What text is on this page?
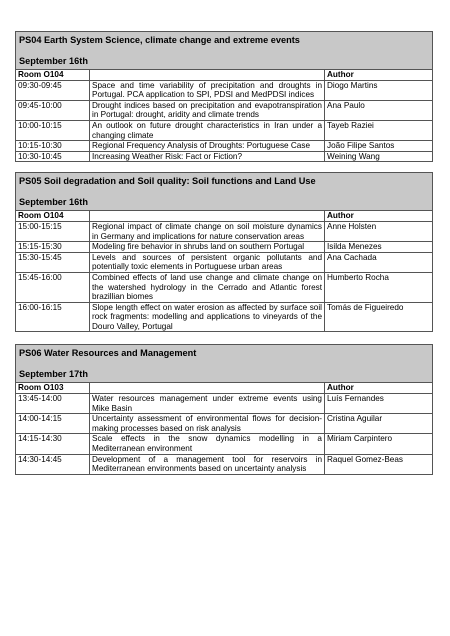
PS04 Earth System Science, climate change and extreme events
September 16th
Room O104		Author
09:30-09:45	Space and time variability of precipitation and droughts in Portugal. PCA application to SPI, PDSI and MedPDSI indices	Diogo Martins
09:45-10:00	Drought indices based on precipitation and evapotranspiration in Portugal: drought, aridity and climate trends	Ana Paulo
10:00-10:15	An outlook on future drought characteristics in Iran under a changing climate	Tayeb Raziei
10:15-10:30	Regional Frequency Analysis of Droughts: Portuguese Case	João Filipe Santos
10:30-10:45	Increasing Weather Risk: Fact or Fiction?	Weining Wang
PS05 Soil degradation and Soil quality: Soil functions and Land Use
September 16th
Room O104		Author
15:00-15:15	Regional impact of climate change on soil moisture dynamics in Germany and implications for nature conservation areas	Anne Holsten
15:15-15:30	Modeling fire behavior in shrubs land on southern Portugal	Isilda Menezes
15:30-15:45	Levels and sources of persistent organic pollutants and potentially toxic elements in Portuguese urban areas	Ana Cachada
15:45-16:00	Combined effects of land use change and climate change on the watershed hydrology in the Cerrado and Atlantic forest brazillian biomes	Humberto Rocha
16:00-16:15	Slope length effect on water erosion as affected by surface soil rock fragments: modelling and applications to vineyards of the Douro Valley, Portugal	Tomás de Figueiredo
PS06 Water Resources and Management
September 17th
Room O103		Author
13:45-14:00	Water resources management under extreme events using Mike Basin	Luís Fernandes
14:00-14:15	Uncertainty assessment of environmental flows for decision-making processes based on risk analysis	Cristina Aguilar
14:15-14:30	Scale effects in the snow dynamics modelling in a Mediterranean environment	Miriam Carpintero
14:30-14:45	Development of a management tool for reservoirs in Mediterranean environments based on uncertainty analysis	Raquel Gomez-Beas
